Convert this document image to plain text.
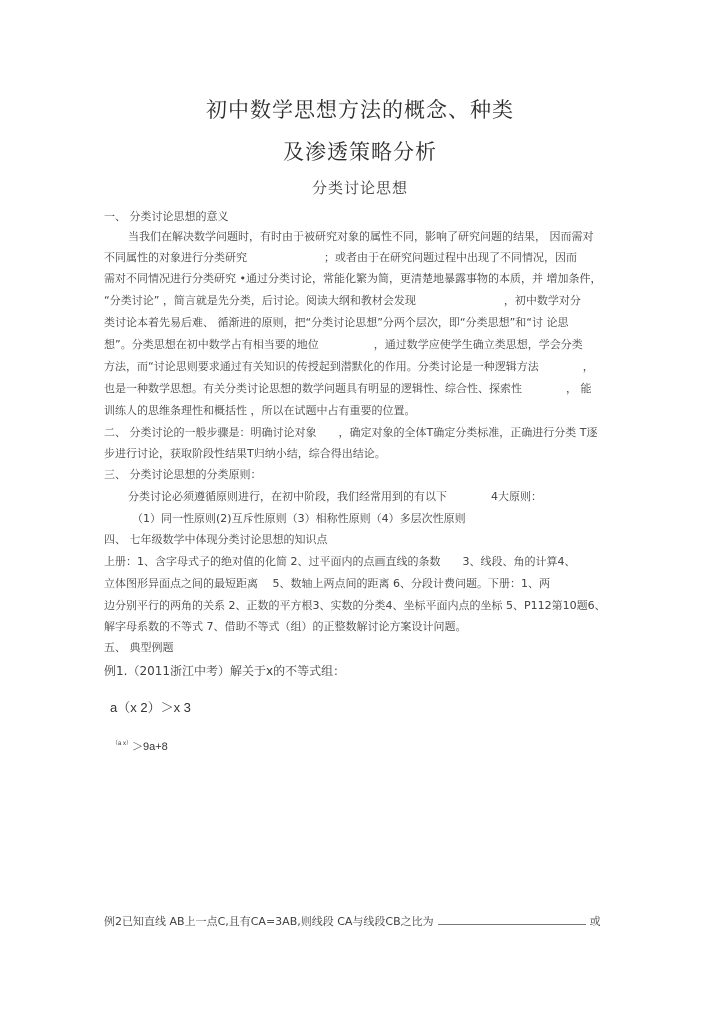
初中数学思想方法的概念、种类
及渗透策略分析
分类讨论思想
一、 分类讨论思想的意义
当我们在解决数学问题时，有时由于被研究对象的属性不同，影响了研究问题的结果， 因而需对
不同属性的对象进行分类研究　　　　　　　；或者由于在研究问题过程中出现了不同情况，因而
需对不同情况进行分类研究 •通过分类讨论，常能化繁为简，更清楚地暴露事物的本质，并 增加条件，
“分类讨论” ，简言就是先分类，后讨论。阅读大纲和教材会发现　　　　　　　　，初中数学对分
类讨论本着先易后难、 循渐进的原则，把“分类讨论思想”分两个层次，即“分类思想”和“讨 论思
想”。分类思想在初中数学占有相当要的地位　　　　　，通过数学应使学生确立类思想，学会分类
方法，而“讨论思则要求通过有关知识的传授起到潜默化的作用。分类讨论是一种逻辑方法　　　　，
也是一种数学思想。有关分类讨论思想的数学问题具有明显的逻辑性、综合性、探索性　　　　， 能
训练人的思维条理性和概括性 ，所以在试题中占有重要的位置。
二、 分类讨论的一般步骤是：明确讨论对象　　，确定对象的全体T确定分类标准，正确进行分类 T逐
步进行讨论，获取阶段性结果T归纳小结，综合得出结论。
三、 分类讨论思想的分类原则：
分类讨论必须遵循原则进行，在初中阶段，我们经常用到的有以下　　　　4大原则：
（1）同一性原则(2)互斥性原则（3）相称性原则（4）多层次性原则
四、 七年级数学中体现分类讨论思想的知识点
上册：1、含字母式子的绝对值的化简 2、过平面内的点画直线的条数　　3、线段、角的计算4、
立体图形异面点之间的最短距离　 5、数轴上两点间的距离 6、分段计费问题。下册：1、两
边分别平行的两角的关系 2、正数的平方根3、实数的分类4、坐标平面内点的坐标 5、P112第10题6、
解字母系数的不等式 7、借助不等式（组）的正整数解讨论方案设计问题。
五、 典型例题
例1.（2011浙江中考）解关于x的不等式组：
a（x 2）＞x 3
$^{(a x)}$＞9a+8
例2已知直线 AB上一点C,且有CA=3AB,则线段 CA与线段CB之比为	或
